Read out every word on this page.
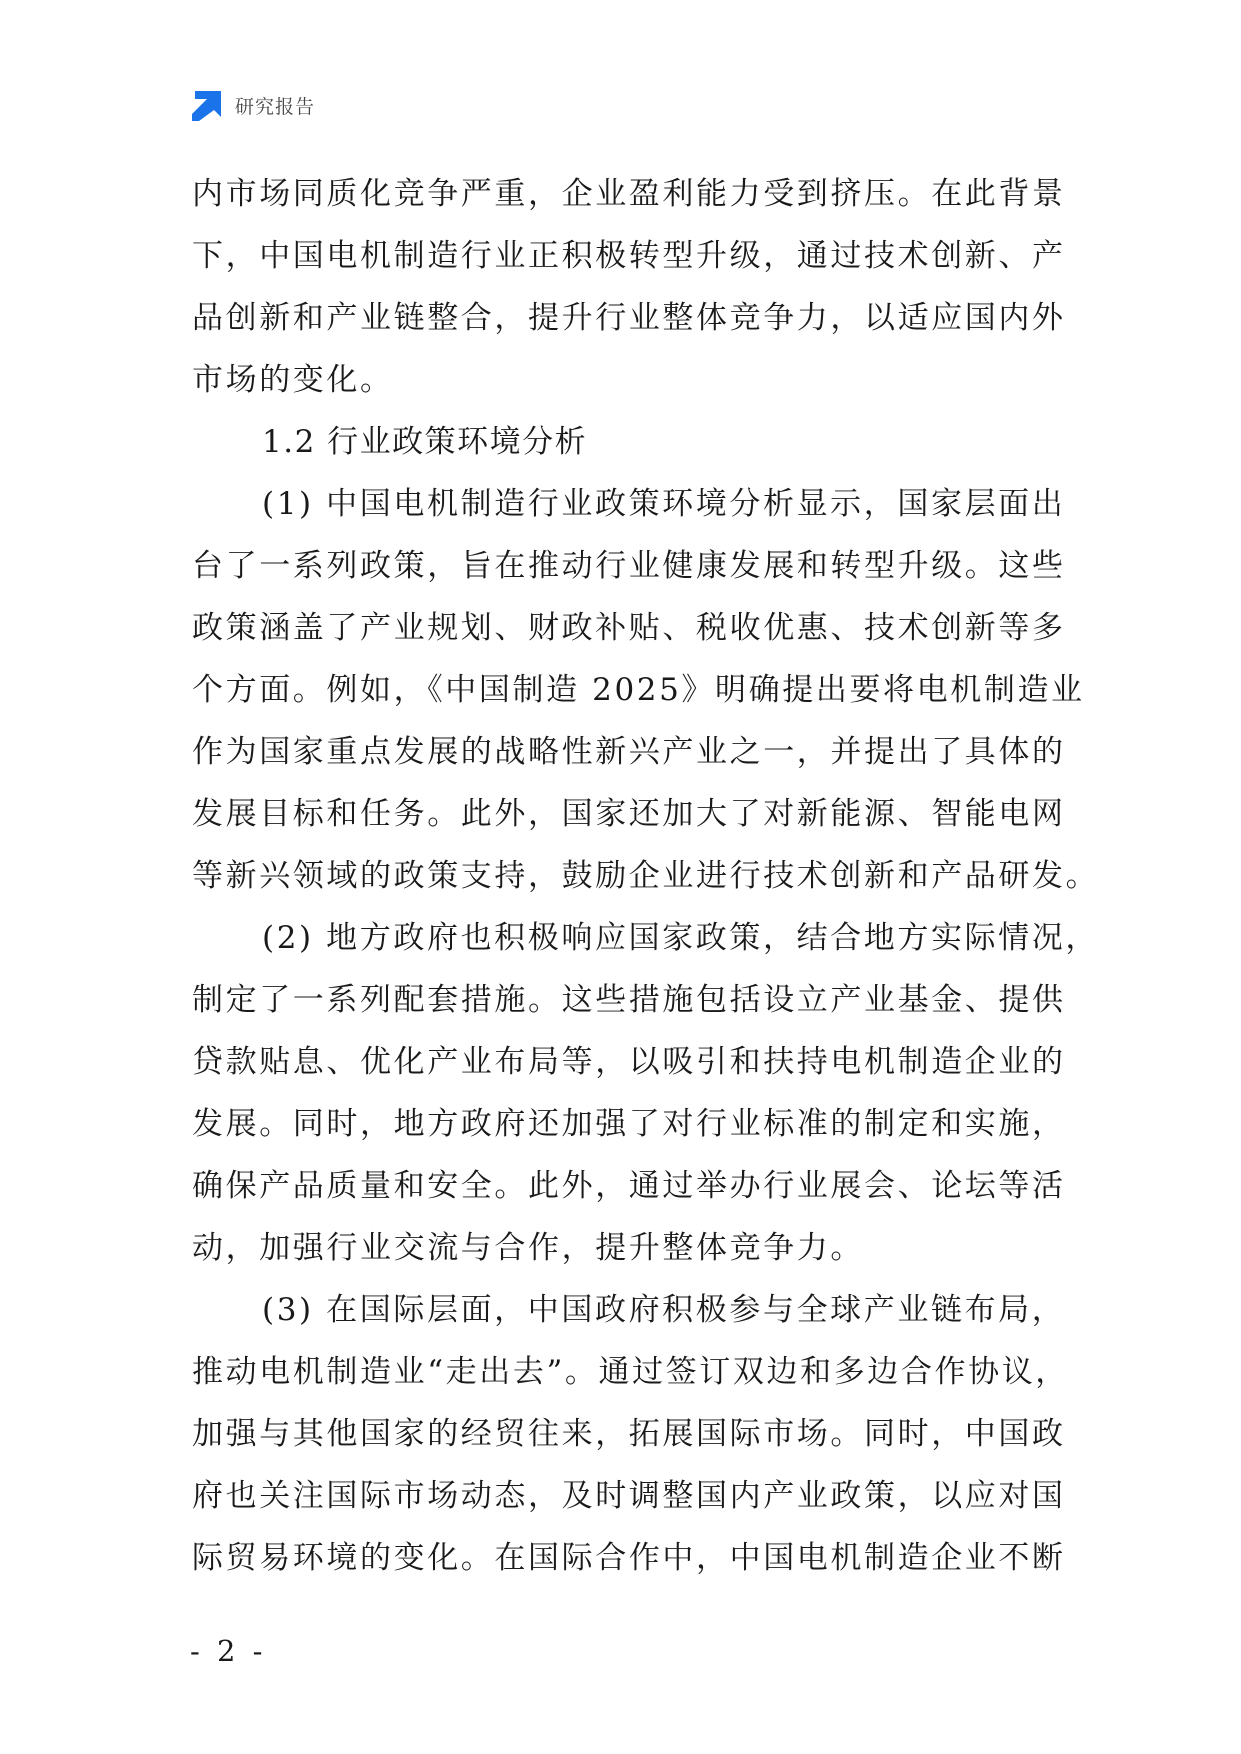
研究报告
内市场同质化竞争严重，企业盈利能力受到挤压。在此背景
下，中国电机制造行业正积极转型升级，通过技术创新、产
品创新和产业链整合，提升行业整体竞争力，以适应国内外
市场的变化。
1.2 行业政策环境分析
(1) 中国电机制造行业政策环境分析显示，国家层面出
台了一系列政策，旨在推动行业健康发展和转型升级。这些
政策涵盖了产业规划、财政补贴、税收优惠、技术创新等多
个方面。例如，《中国制造 2025》明确提出要将电机制造业
作为国家重点发展的战略性新兴产业之一，并提出了具体的
发展目标和任务。此外，国家还加大了对新能源、智能电网
等新兴领域的政策支持，鼓励企业进行技术创新和产品研发。
(2) 地方政府也积极响应国家政策，结合地方实际情况，
制定了一系列配套措施。这些措施包括设立产业基金、提供
贷款贴息、优化产业布局等，以吸引和扶持电机制造企业的
发展。同时，地方政府还加强了对行业标准的制定和实施，
确保产品质量和安全。此外，通过举办行业展会、论坛等活
动，加强行业交流与合作，提升整体竞争力。
(3) 在国际层面，中国政府积极参与全球产业链布局，
推动电机制造业“走出去”。通过签订双边和多边合作协议，
加强与其他国家的经贸往来，拓展国际市场。同时，中国政
府也关注国际市场动态，及时调整国内产业政策，以应对国
际贸易环境的变化。在国际合作中，中国电机制造企业不断
- 2 -
